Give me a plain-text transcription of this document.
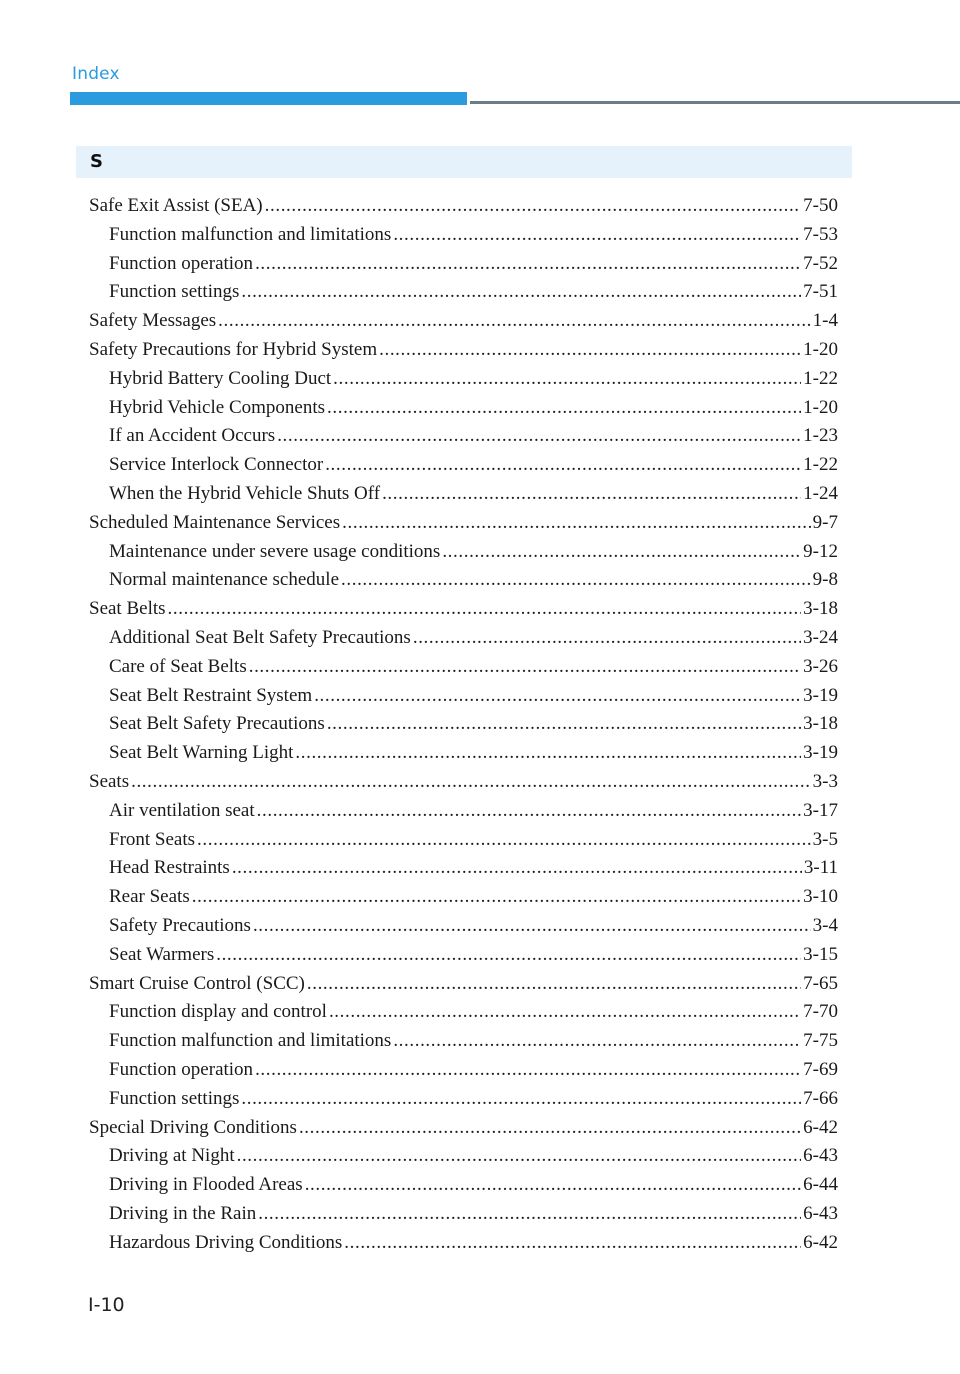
Index
S
Safe Exit Assist (SEA) .....	7-50
Function malfunction and limitations .....	7-53
Function operation .....	7-52
Function settings .....	7-51
Safety Messages .....	1-4
Safety Precautions for Hybrid System .....	1-20
Hybrid Battery Cooling Duct .....	1-22
Hybrid Vehicle Components .....	1-20
If an Accident Occurs .....	1-23
Service Interlock Connector .....	1-22
When the Hybrid Vehicle Shuts Off .....	1-24
Scheduled Maintenance Services .....	9-7
Maintenance under severe usage conditions .....	9-12
Normal maintenance schedule .....	9-8
Seat Belts .....	3-18
Additional Seat Belt Safety Precautions .....	3-24
Care of Seat Belts .....	3-26
Seat Belt Restraint System .....	3-19
Seat Belt Safety Precautions .....	3-18
Seat Belt Warning Light .....	3-19
Seats .....	3-3
Air ventilation seat .....	3-17
Front Seats .....	3-5
Head Restraints .....	3-11
Rear Seats .....	3-10
Safety Precautions .....	3-4
Seat Warmers .....	3-15
Smart Cruise Control (SCC) .....	7-65
Function display and control .....	7-70
Function malfunction and limitations .....	7-75
Function operation .....	7-69
Function settings .....	7-66
Special Driving Conditions .....	6-42
Driving at Night .....	6-43
Driving in Flooded Areas .....	6-44
Driving in the Rain .....	6-43
Hazardous Driving Conditions .....	6-42
I-10
